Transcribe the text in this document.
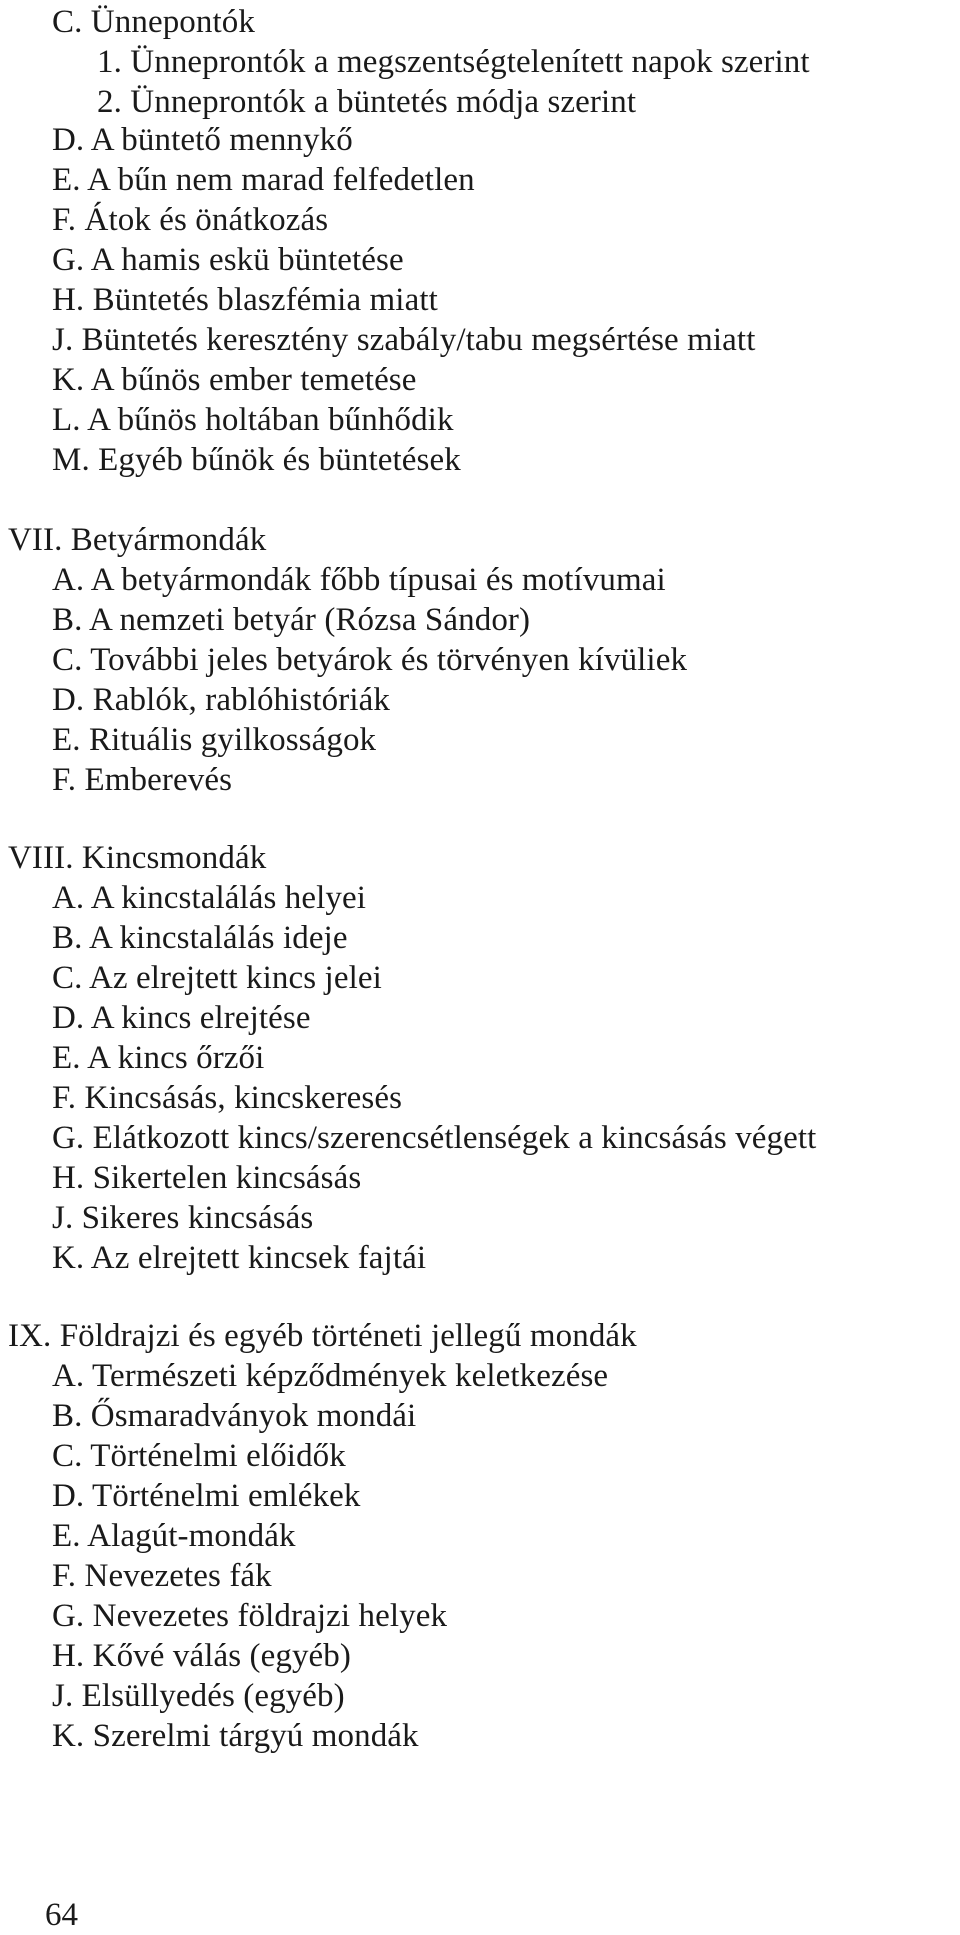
C. Ünnepontók
1. Ünneprontók a megszentségtelenített napok szerint
2. Ünneprontók a büntetés módja szerint
D. A büntető mennykő
E. A bűn nem marad felfedetlen
F. Átok és önátkozás
G. A hamis eskü büntetése
H. Büntetés blaszfémia miatt
J. Büntetés keresztény szabály/tabu megsértése miatt
K. A bűnös ember temetése
L. A bűnös holtában bűnhődik
M. Egyéb bűnök és büntetések
VII. Betyármondák
A. A betyármondák főbb típusai és motívumai
B. A nemzeti betyár (Rózsa Sándor)
C. További jeles betyárok és törvényen kívüliek
D. Rablók, rablóhistóriák
E. Rituális gyilkosságok
F. Emberevés
VIII. Kincsmondák
A. A kincstalálás helyei
B. A kincstalálás ideje
C. Az elrejtett kincs jelei
D. A kincs elrejtése
E. A kincs őrzői
F. Kincsásás, kincskeresés
G. Elátkozott kincs/szerencsétlenségek a kincsásás végett
H. Sikertelen kincsásás
J. Sikeres kincsásás
K. Az elrejtett kincsek fajtái
IX. Földrajzi és egyéb történeti jellegű mondák
A. Természeti képződmények keletkezése
B. Ősmaradványok mondái
C. Történelmi előidők
D. Történelmi emlékek
E. Alagút-mondák
F. Nevezetes fák
G. Nevezetes földrajzi helyek
H. Kővé válás (egyéb)
J. Elsüllyedés (egyéb)
K. Szerelmi tárgyú mondák
64
